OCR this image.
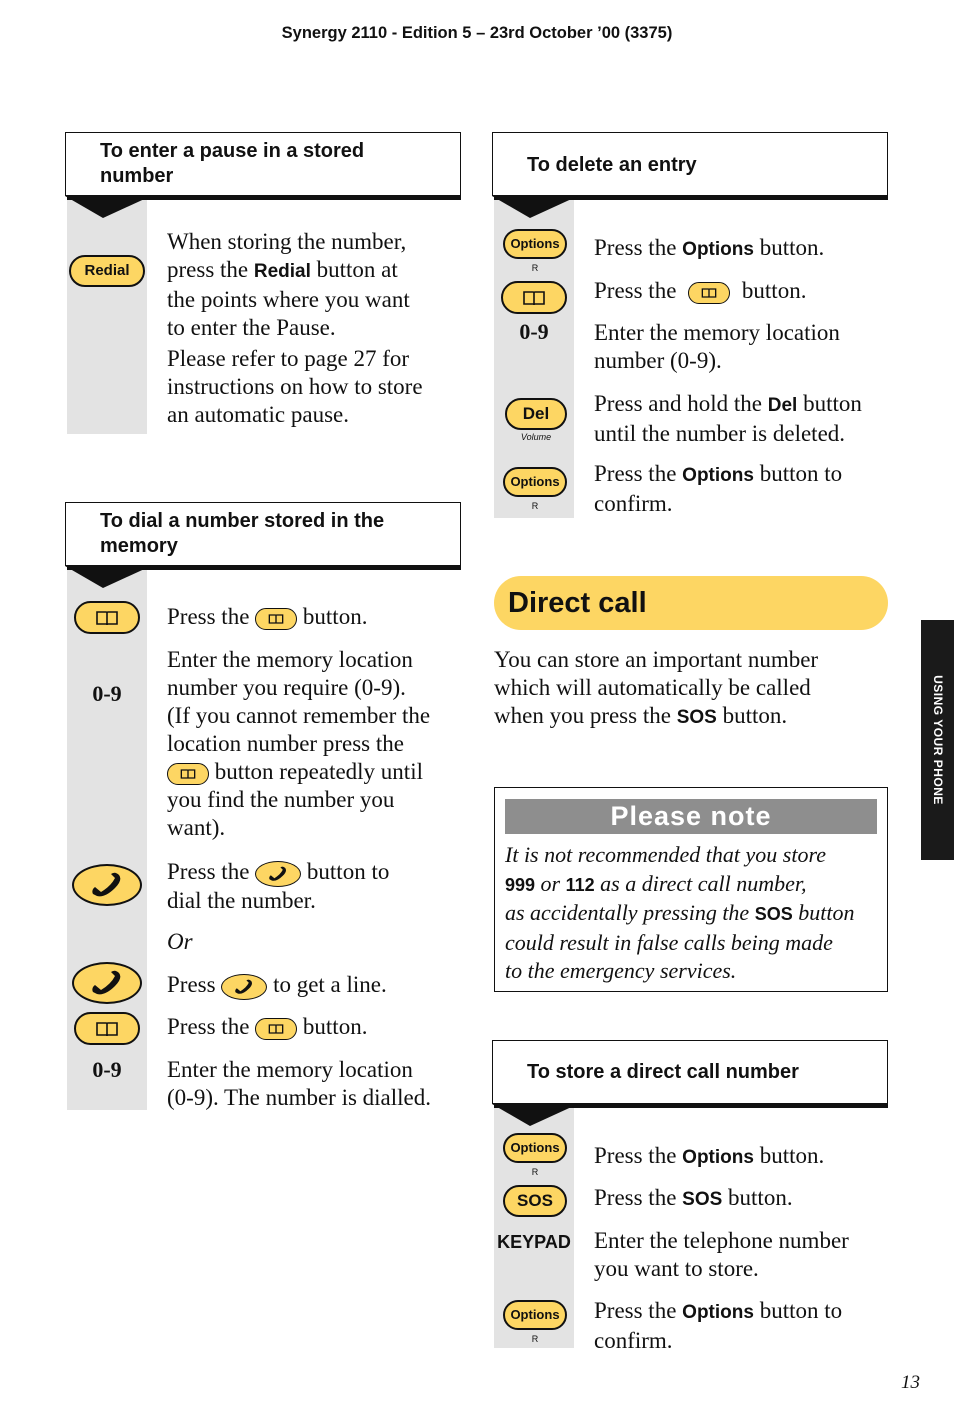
Synergy 2110 - Edition 5 – 23rd October ’00 (3375)
To enter a pause in a stored
number
Redial
When storing the number,
press the Redial button at
the points where you want
to enter the Pause.
Please refer to page 27 for
instructions on how to store
an automatic pause.
To dial a number stored in the
memory
0-9
0-9
Press the
button.
Enter the memory location
number you require (0-9).
(If you cannot remember the
location number press the
button repeatedly until
you find the number you
want).
Press the
button to
dial the number.
Or
Press
to get a line.
Press the
button.
Enter the memory location
(0-9). The number is dialled.
To delete an entry
Options
R
0-9
Del
Volume
Options
R
Press the Options button.
Press the
button.
Enter the memory location
number (0-9).
Press and hold the Del button
until the number is deleted.
Press the Options button to
confirm.
Direct call
You can store an important number
which will automatically be called
when you press the SOS button.
Please note
It is not recommended that you store
999 or 112 as a direct call number,
as accidentally pressing the SOS button
could result in false calls being made
to the emergency services.
To store a direct call number
Options
R
SOS
KEYPAD
Options
R
Press the Options button.
Press the SOS button.
Enter the telephone number
you want to store.
Press the Options button to
confirm.
USING YOUR PHONE
13
